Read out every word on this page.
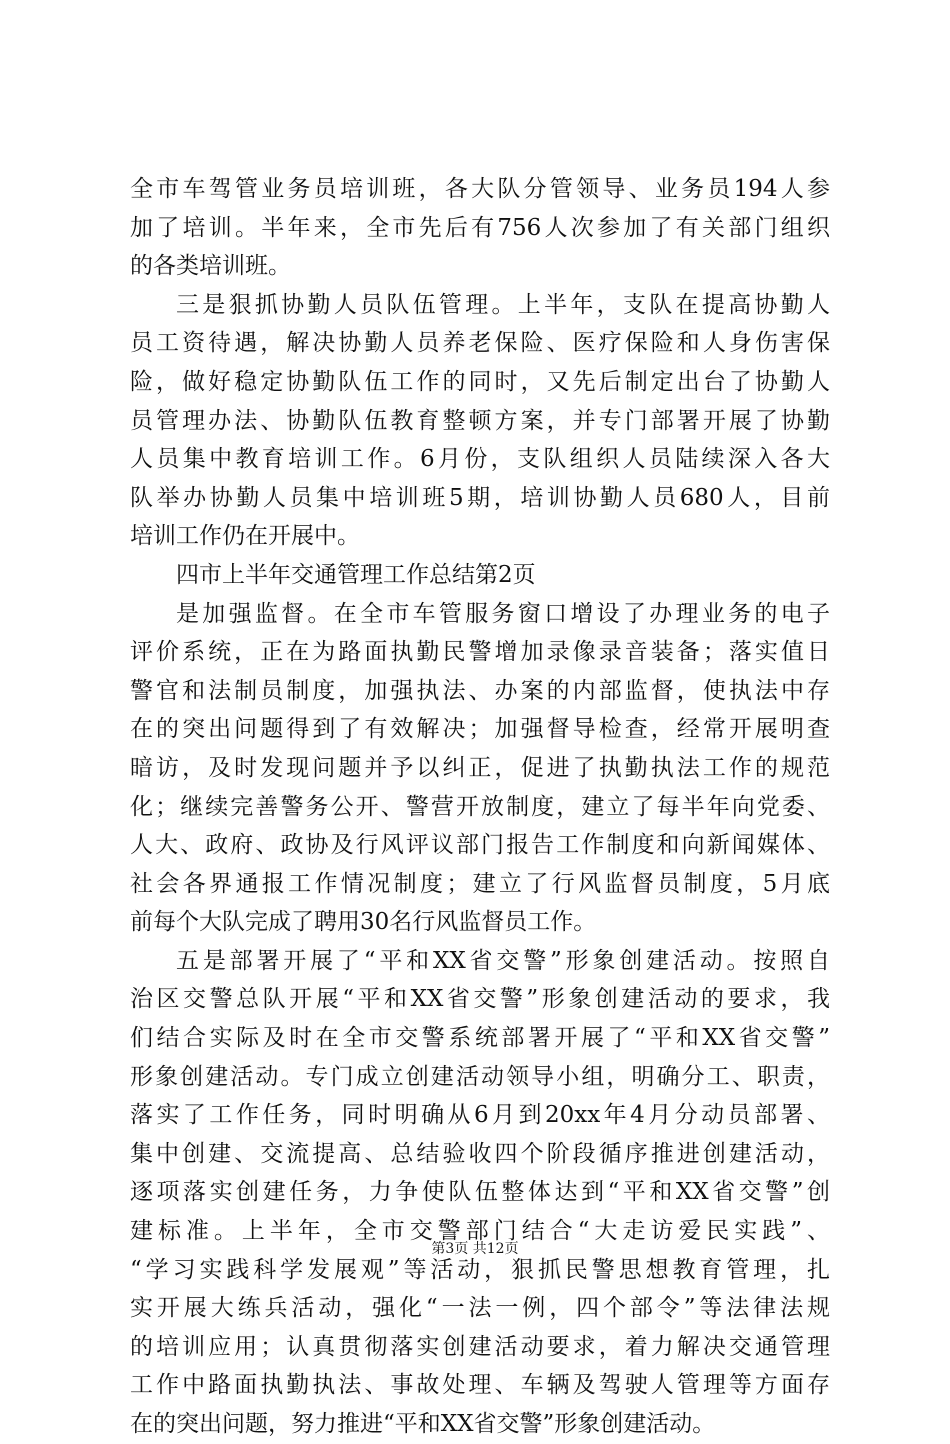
全市车驾管业务员培训班，各大队分管领导、业务员194人参
加了培训。半年来，全市先后有756人次参加了有关部门组织
的各类培训班。
三是狠抓协勤人员队伍管理。上半年，支队在提高协勤人
员工资待遇，解决协勤人员养老保险、医疗保险和人身伤害保
险，做好稳定协勤队伍工作的同时，又先后制定出台了协勤人
员管理办法、协勤队伍教育整顿方案，并专门部署开展了协勤
人员集中教育培训工作。6月份，支队组织人员陆续深入各大
队举办协勤人员集中培训班5期，培训协勤人员680人，目前
培训工作仍在开展中。
四市上半年交通管理工作总结第2页
是加强监督。在全市车管服务窗口增设了办理业务的电子
评价系统，正在为路面执勤民警增加录像录音装备；落实值日
警官和法制员制度，加强执法、办案的内部监督，使执法中存
在的突出问题得到了有效解决；加强督导检查，经常开展明查
暗访，及时发现问题并予以纠正，促进了执勤执法工作的规范
化；继续完善警务公开、警营开放制度，建立了每半年向党委、
人大、政府、政协及行风评议部门报告工作制度和向新闻媒体、
社会各界通报工作情况制度；建立了行风监督员制度，5月底
前每个大队完成了聘用30名行风监督员工作。
五是部署开展了“平和XX省交警”形象创建活动。按照自
治区交警总队开展“平和XX省交警”形象创建活动的要求，我
们结合实际及时在全市交警系统部署开展了“平和XX省交警”
形象创建活动。专门成立创建活动领导小组，明确分工、职责，
落实了工作任务，同时明确从6月到20xx年4月分动员部署、
集中创建、交流提高、总结验收四个阶段循序推进创建活动，
逐项落实创建任务，力争使队伍整体达到“平和XX省交警”创
建标准。上半年，全市交警部门结合“大走访爱民实践”、
“学习实践科学发展观”等活动，狠抓民警思想教育管理，扎
实开展大练兵活动，强化“一法一例，四个部令”等法律法规
的培训应用；认真贯彻落实创建活动要求，着力解决交通管理
工作中路面执勤执法、事故处理、车辆及驾驶人管理等方面存
在的突出问题，努力推进“平和XX省交警”形象创建活动。
第3页 共12页
